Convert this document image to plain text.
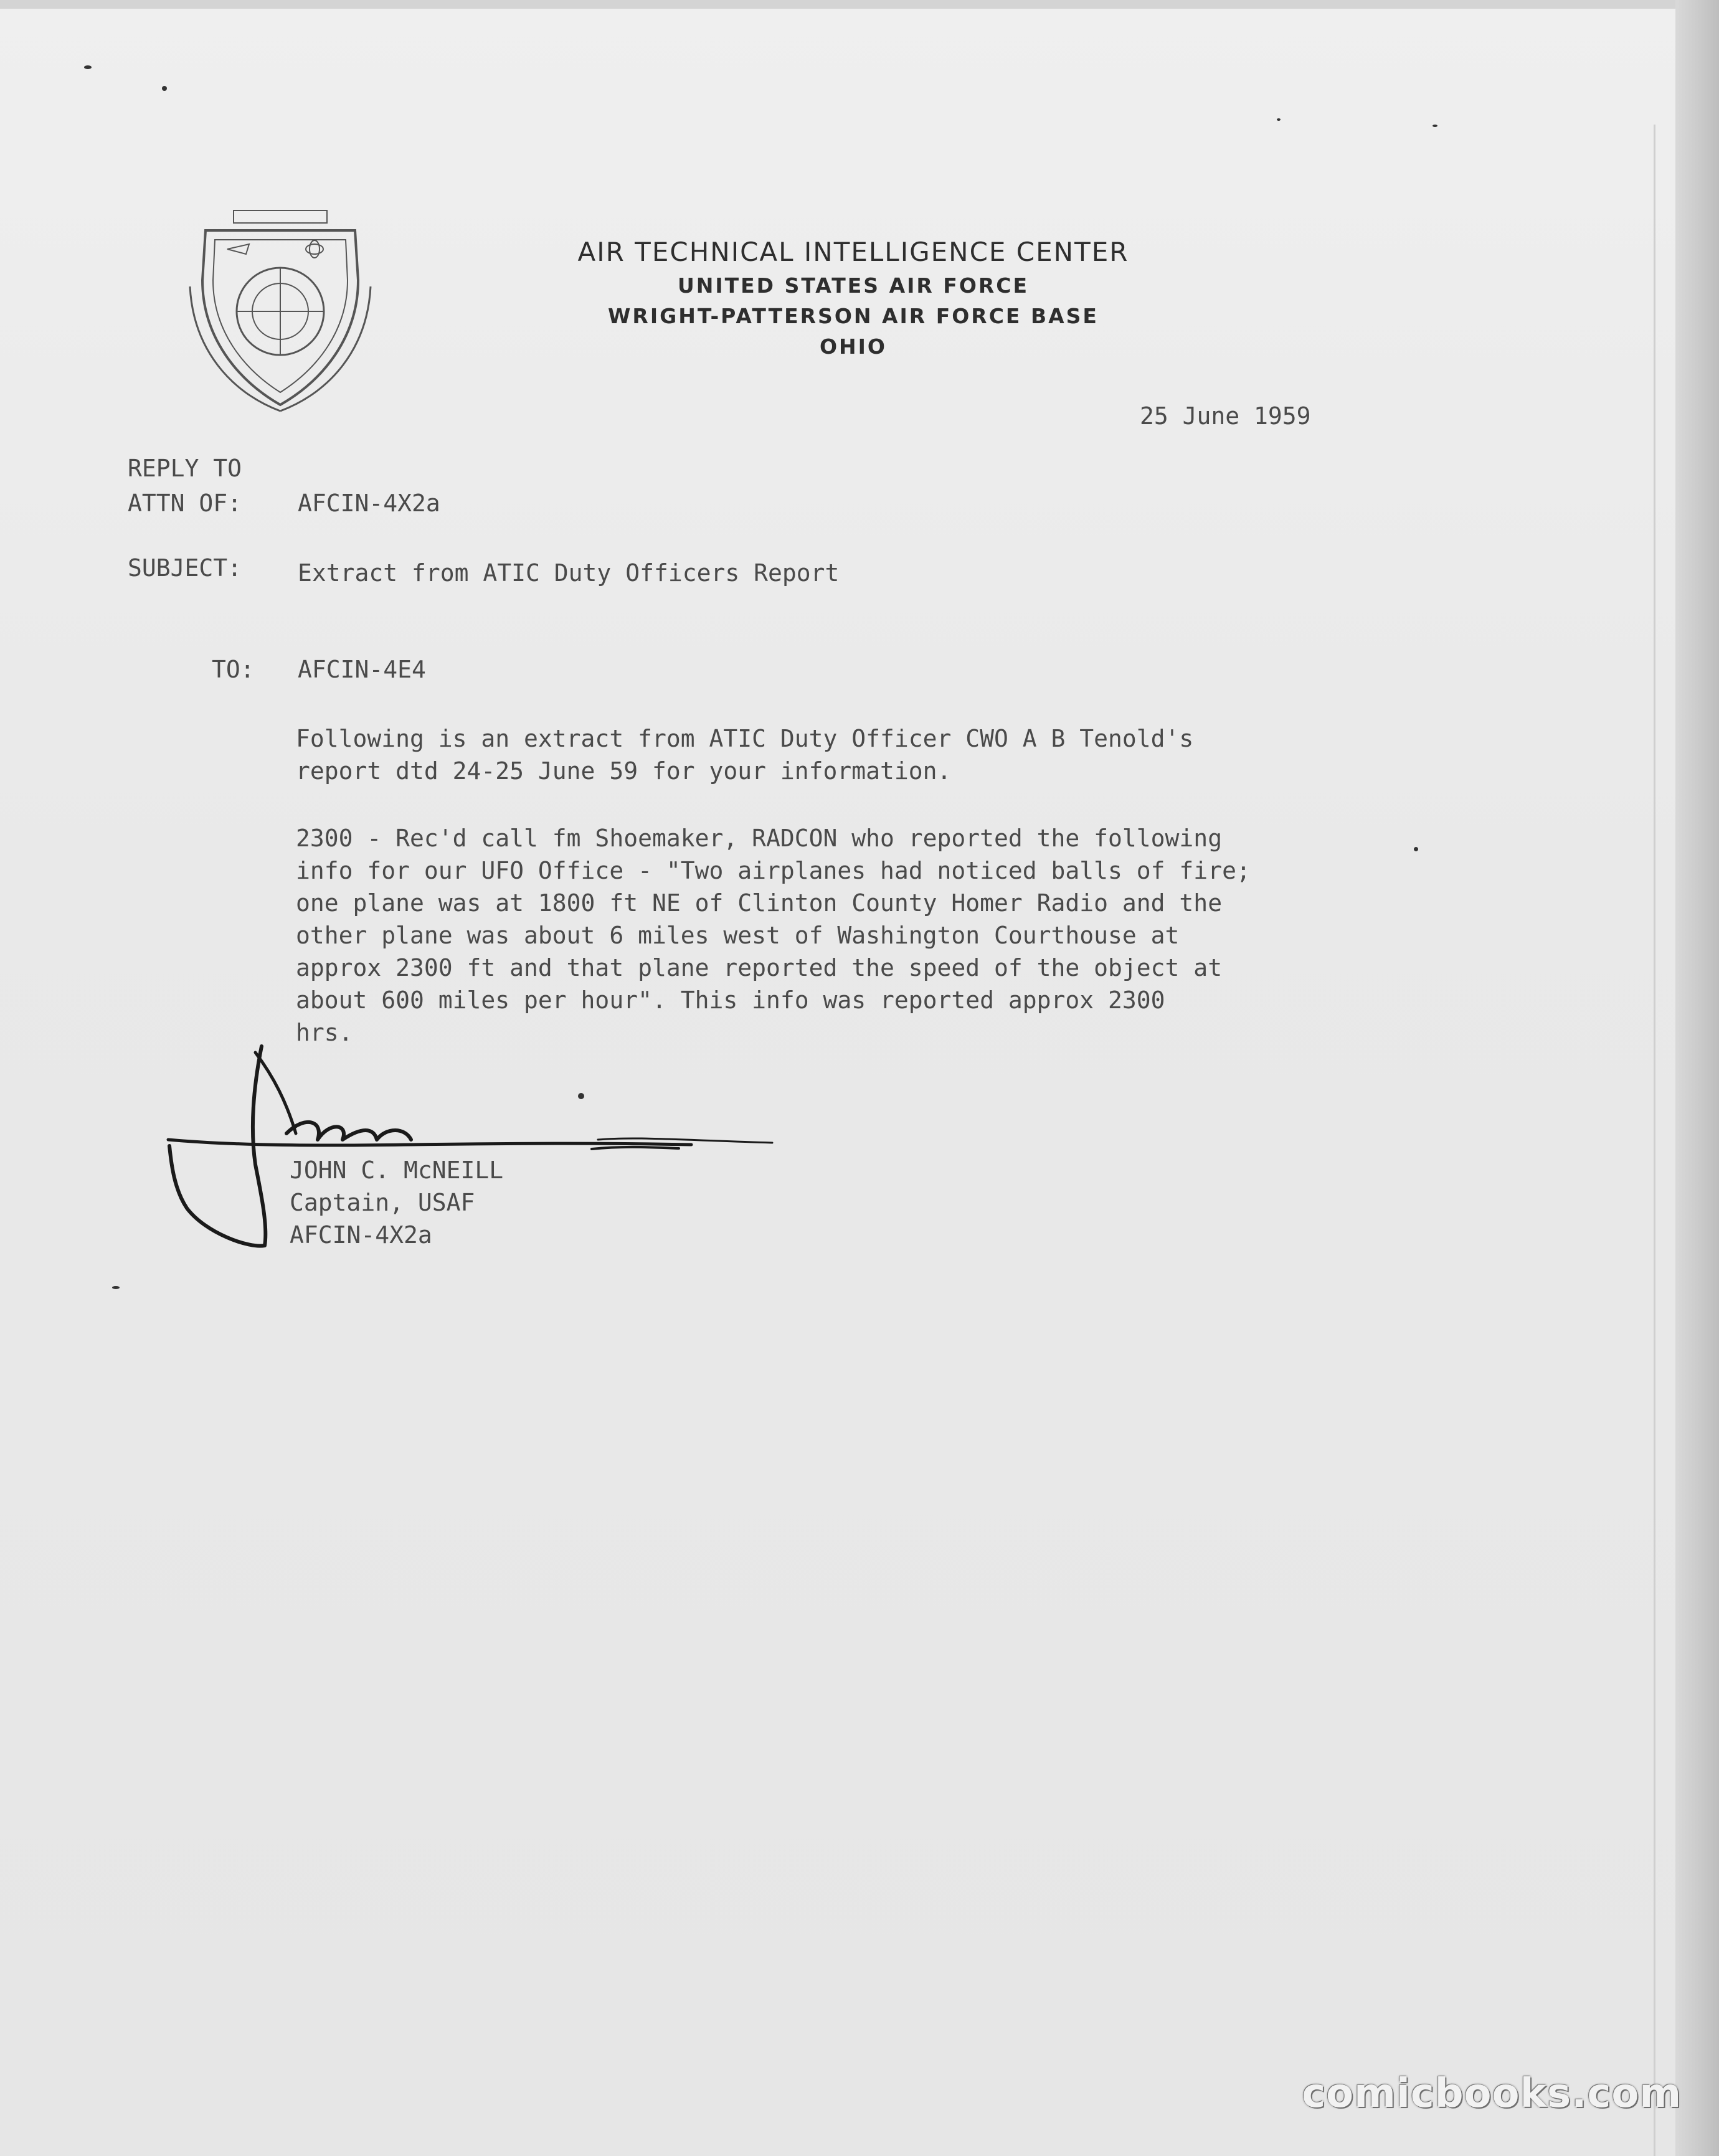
AIR TECHNICAL INTELLIGENCE CENTER
UNITED STATES AIR FORCE
WRIGHT-PATTERSON AIR FORCE BASE
OHIO
25 June 1959
REPLY TO
ATTN OF: AFCIN-4X2a
SUBJECT: Extract from ATIC Duty Officers Report
TO: AFCIN-4E4

Following is an extract from ATIC Duty Officer CWO A B Tenold's
report dtd 24-25 June 59 for your information.

2300 - Rec'd call fm Shoemaker, RADCON who reported the following
info for our UFO Office - "Two airplanes had noticed balls of fire;
one plane was at 1800 ft NE of Clinton County Homer Radio and the
other plane was about 6 miles west of Washington Courthouse at
approx 2300 ft and that plane reported the speed of the object at
about 600 miles per hour". This info was reported approx 2300
hrs.

JOHN C. McNEILL
Captain, USAF
AFCIN-4X2a
comicbooks.com
